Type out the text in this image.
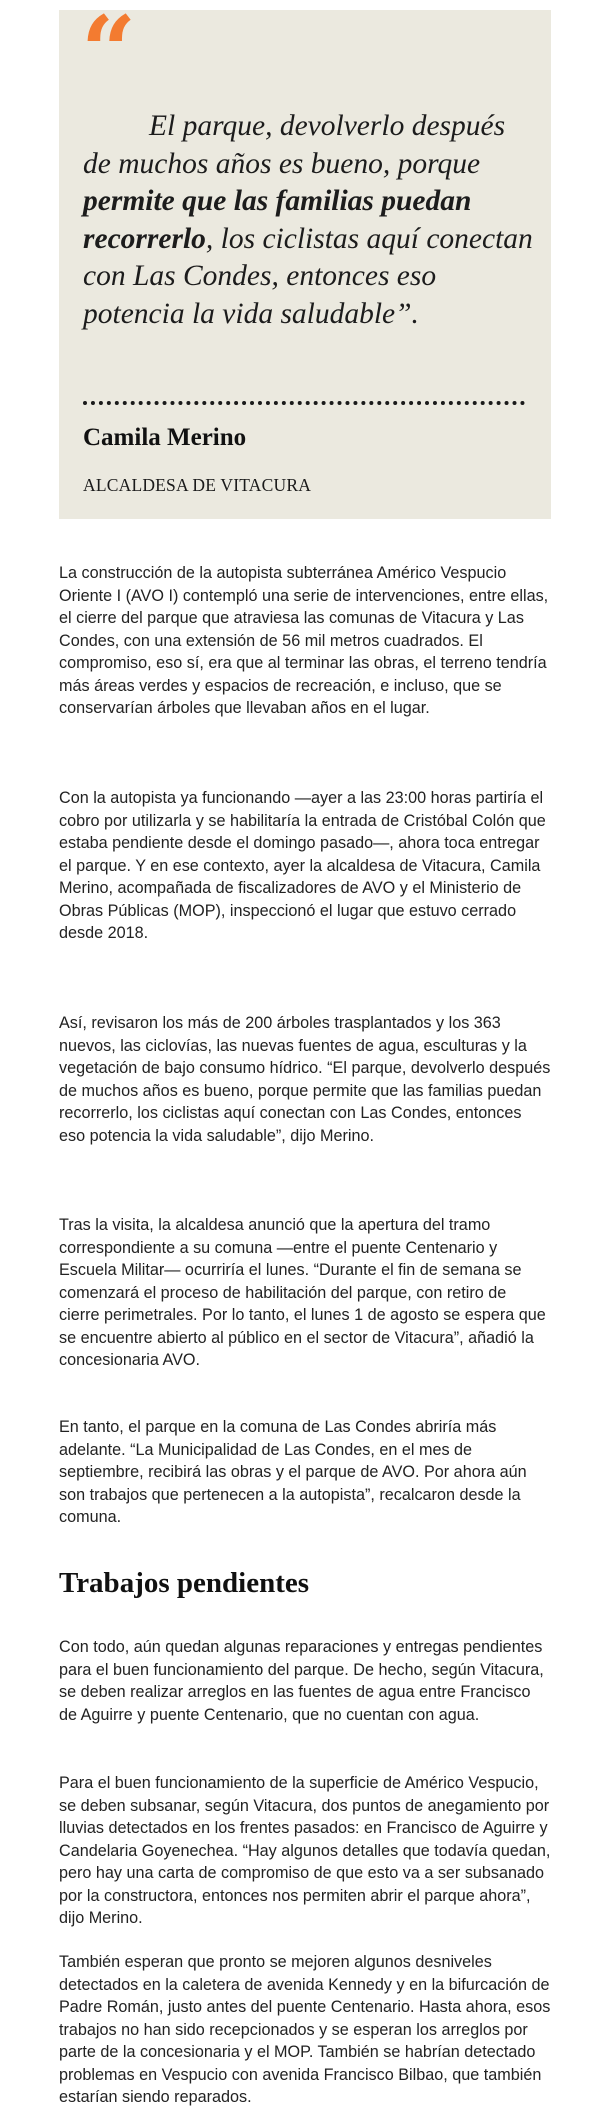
“

El parque, devolverlo después de muchos años es bueno, porque permite que las familias puedan recorrerlo, los ciclistas aquí conectan con Las Condes, entonces eso potencia la vida saludable”.

Camila Merino

ALCALDESA DE VITACURA

La construcción de la autopista subterránea Américo Vespucio Oriente I (AVO I) contempló una serie de intervenciones, entre ellas, el cierre del parque que atraviesa las comunas de Vitacura y Las Condes, con una extensión de 56 mil metros cuadrados. El compromiso, eso sí, era que al terminar las obras, el terreno tendría más áreas verdes y espacios de recreación, e incluso, que se conservarían árboles que llevaban años en el lugar.

Con la autopista ya funcionando —ayer a las 23:00 horas partiría el cobro por utilizarla y se habilitaría la entrada de Cristóbal Colón que estaba pendiente desde el domingo pasado—, ahora toca entregar el parque. Y en ese contexto, ayer la alcaldesa de Vitacura, Camila Merino, acompañada de fiscalizadores de AVO y el Ministerio de Obras Públicas (MOP), inspeccionó el lugar que estuvo cerrado desde 2018.

Así, revisaron los más de 200 árboles trasplantados y los 363 nuevos, las ciclovías, las nuevas fuentes de agua, esculturas y la vegetación de bajo consumo hídrico. “El parque, devolverlo después de muchos años es bueno, porque permite que las familias puedan recorrerlo, los ciclistas aquí conectan con Las Condes, entonces eso potencia la vida saludable”, dijo Merino.

Tras la visita, la alcaldesa anunció que la apertura del tramo correspondiente a su comuna —entre el puente Centenario y Escuela Militar— ocurriría el lunes. “Durante el fin de semana se comenzará el proceso de habilitación del parque, con retiro de cierre perimetrales. Por lo tanto, el lunes 1 de agosto se espera que se encuentre abierto al público en el sector de Vitacura”, añadió la concesionaria AVO.

En tanto, el parque en la comuna de Las Condes abriría más adelante. “La Municipalidad de Las Condes, en el mes de septiembre, recibirá las obras y el parque de AVO. Por ahora aún son trabajos que pertenecen a la autopista”, recalcaron desde la comuna.

Trabajos pendientes

Con todo, aún quedan algunas reparaciones y entregas pendientes para el buen funcionamiento del parque. De hecho, según Vitacura, se deben realizar arreglos en las fuentes de agua entre Francisco de Aguirre y puente Centenario, que no cuentan con agua.

Para el buen funcionamiento de la superficie de Américo Vespucio, se deben subsanar, según Vitacura, dos puntos de anegamiento por lluvias detectados en los frentes pasados: en Francisco de Aguirre y Candelaria Goyenechea. “Hay algunos detalles que todavía quedan, pero hay una carta de compromiso de que esto va a ser subsanado por la constructora, entonces nos permiten abrir el parque ahora”, dijo Merino.

También esperan que pronto se mejoren algunos desniveles detectados en la caletera de avenida Kennedy y en la bifurcación de Padre Román, justo antes del puente Centenario. Hasta ahora, esos trabajos no han sido recepcionados y se esperan los arreglos por parte de la concesionaria y el MOP. También se habrían detectado problemas en Vespucio con avenida Francisco Bilbao, que también estarían siendo reparados.
